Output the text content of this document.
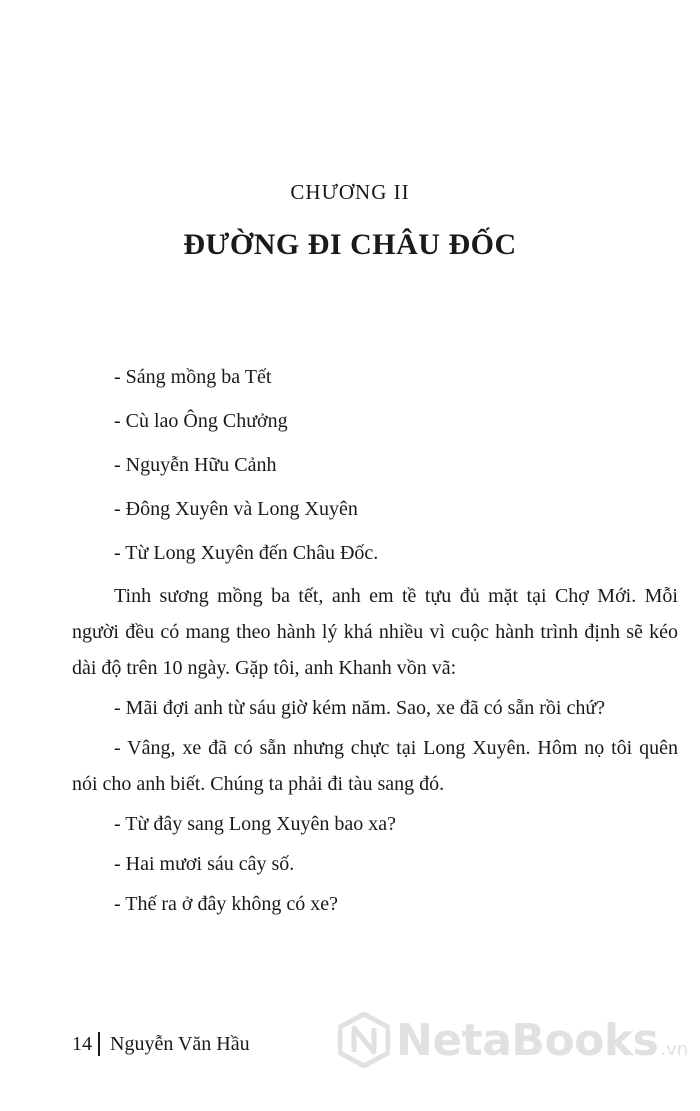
CHƯƠNG II
ĐƯỜNG ĐI CHÂU ĐỐC
- Sáng mồng ba Tết
- Cù lao Ông Chưởng
- Nguyễn Hữu Cảnh
- Đông Xuyên và Long Xuyên
- Từ Long Xuyên đến Châu Đốc.

Tinh sương mồng ba tết, anh em tề tựu đủ mặt tại Chợ Mới. Mỗi người đều có mang theo hành lý khá nhiều vì cuộc hành trình định sẽ kéo dài độ trên 10 ngày. Gặp tôi, anh Khanh vồn vã:

- Mãi đợi anh từ sáu giờ kém năm. Sao, xe đã có sẵn rồi chứ?

- Vâng, xe đã có sẵn nhưng chực tại Long Xuyên. Hôm nọ tôi quên nói cho anh biết. Chúng ta phải đi tàu sang đó.

- Từ đây sang Long Xuyên bao xa?

- Hai mươi sáu cây số.

- Thế ra ở đây không có xe?

14 Nguyễn Văn Hầu	NetaBooks .vn
